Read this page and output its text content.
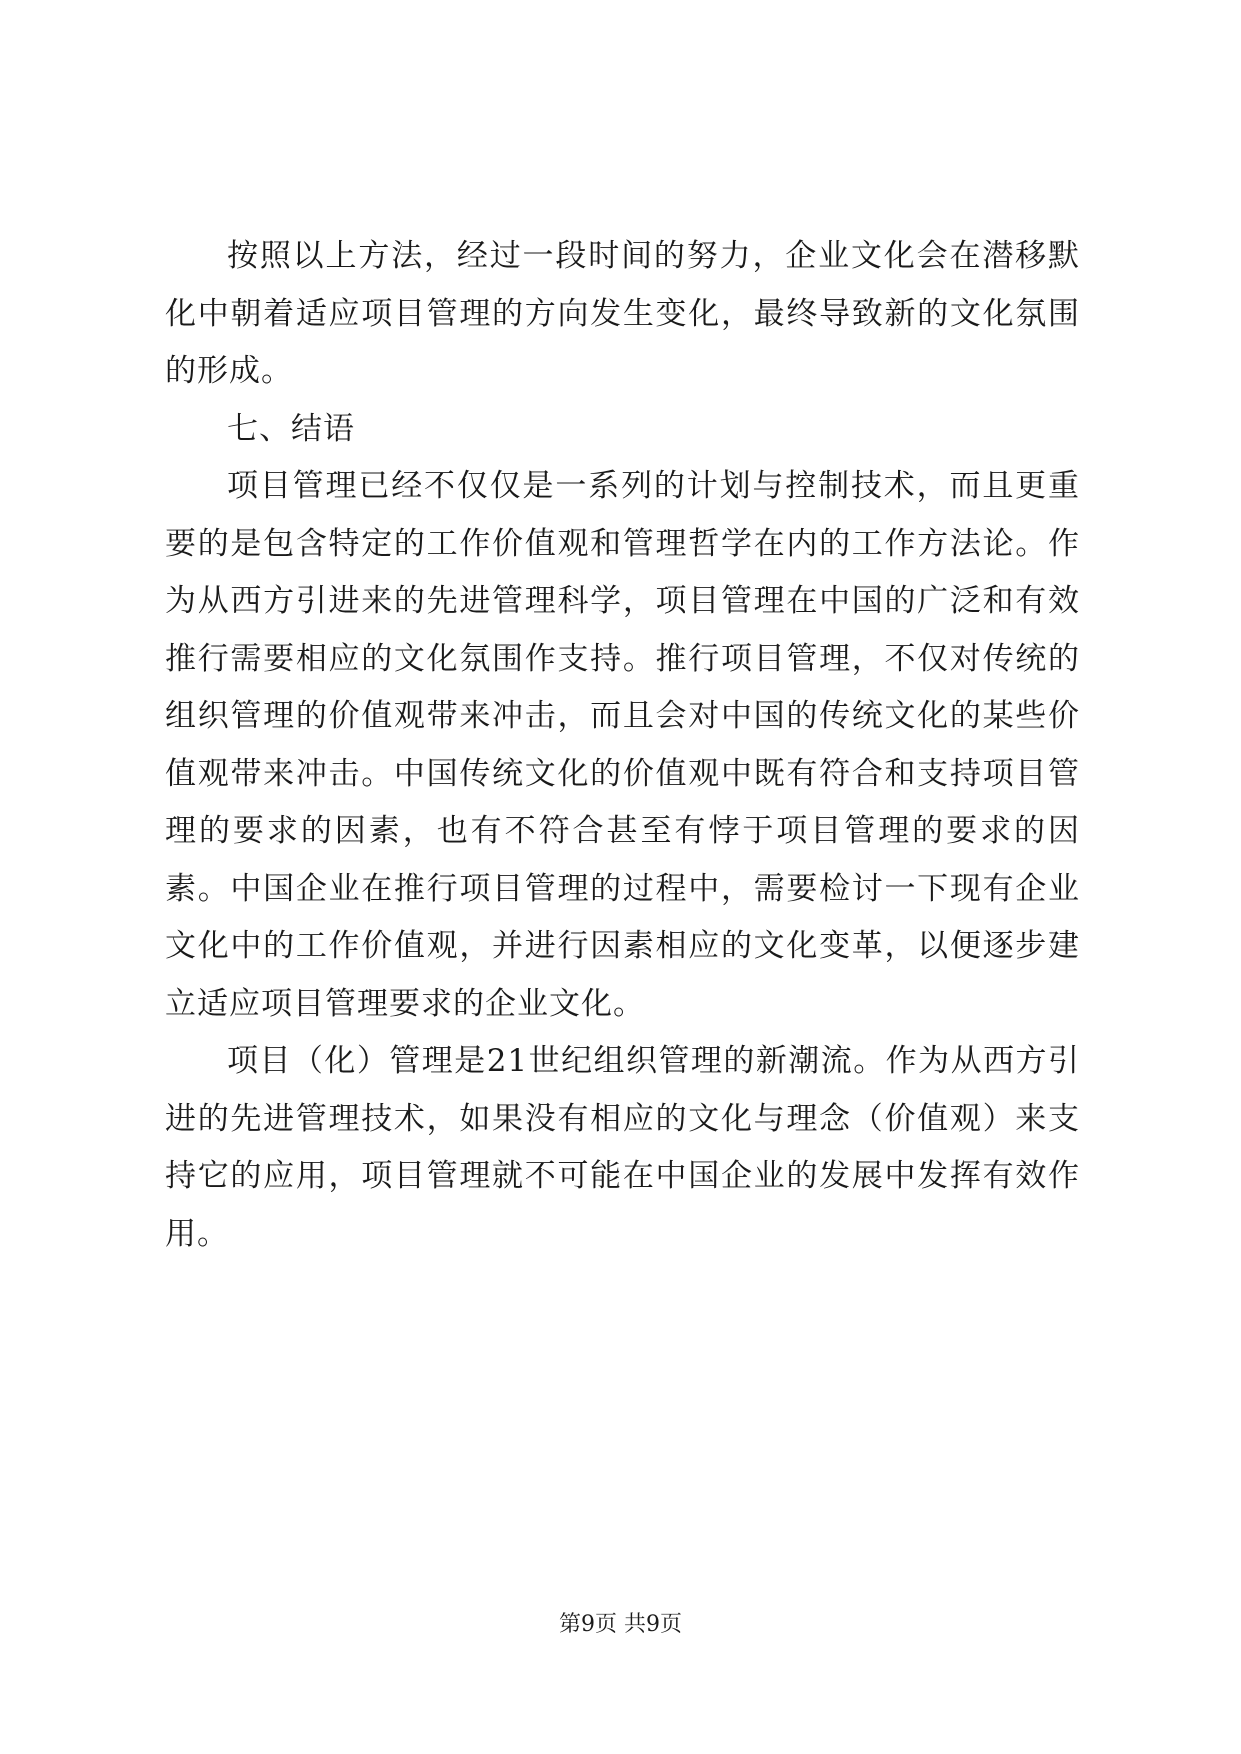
按照以上方法，经过一段时间的努力，企业文化会在潜移默化中朝着适应项目管理的方向发生变化，最终导致新的文化氛围的形成。

七、结语

项目管理已经不仅仅是一系列的计划与控制技术，而且更重要的是包含特定的工作价值观和管理哲学在内的工作方法论。作为从西方引进来的先进管理科学，项目管理在中国的广泛和有效推行需要相应的文化氛围作支持。推行项目管理，不仅对传统的组织管理的价值观带来冲击，而且会对中国的传统文化的某些价值观带来冲击。中国传统文化的价值观中既有符合和支持项目管理的要求的因素，也有不符合甚至有悖于项目管理的要求的因素。中国企业在推行项目管理的过程中，需要检讨一下现有企业文化中的工作价值观，并进行因素相应的文化变革，以便逐步建立适应项目管理要求的企业文化。

项目（化）管理是21世纪组织管理的新潮流。作为从西方引进的先进管理技术，如果没有相应的文化与理念（价值观）来支持它的应用，项目管理就不可能在中国企业的发展中发挥有效作用。

第9页 共9页
